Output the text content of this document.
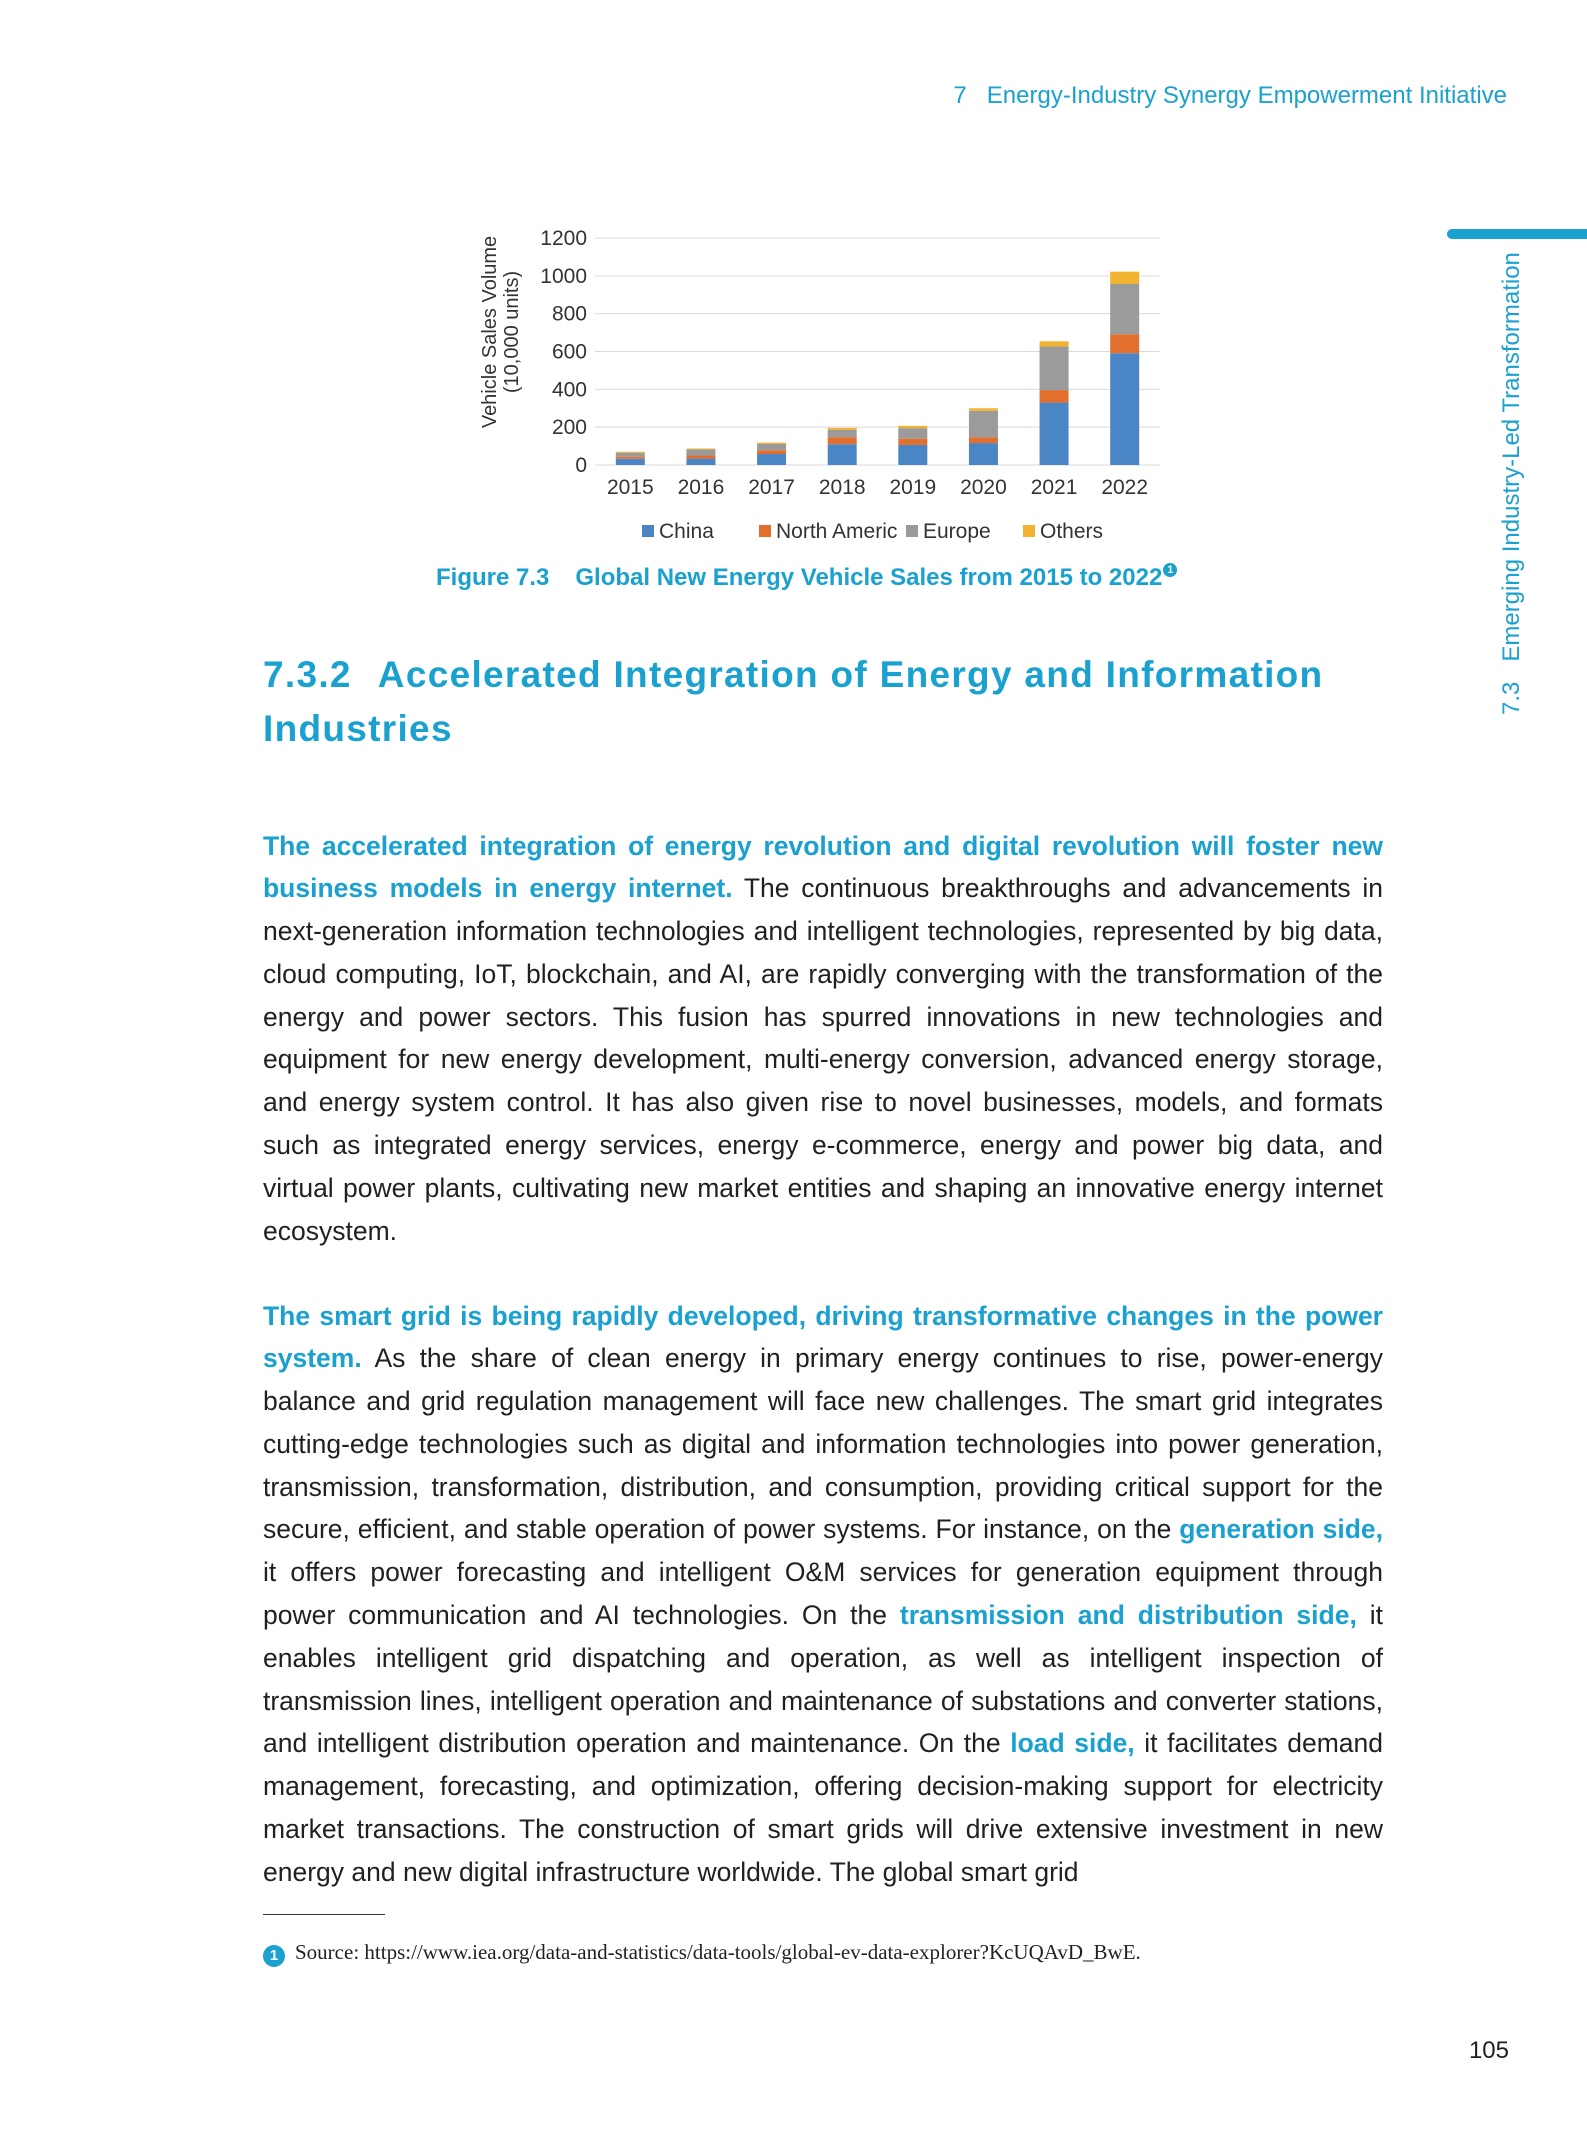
7 Energy-Industry Synergy Empowerment Initiative
7.3   Emerging Industry-Led Transformation
0
200
400
600
800
1000
1200
2015 2016 2017 2018 2019 2020 2021 2022
Vehicle Sales Volume (10,000 units)
China	North Americ Europe Others
Figure 7.3 Global New Energy Vehicle Sales from 2015 to 2022 $^1$
7.3.2 Accelerated Integration of Energy and Information Industries

The accelerated integration of energy revolution and digital revolution will foster new business models in energy internet. The continuous breakthroughs and advancements in next-generation information technologies and intelligent technologies, represented by big data, cloud computing, IoT, blockchain, and AI, are rapidly converging with the transformation of the energy and power sectors. This fusion has spurred innovations in new technologies and equipment for new energy development, multi-energy conversion, advanced energy storage, and energy system control. It has also given rise to novel businesses, models, and formats such as integrated energy services, energy e-commerce, energy and power big data, and virtual power plants, cultivating new market entities and shaping an innovative energy internet ecosystem.

The smart grid is being rapidly developed, driving transformative changes in the power system. As the share of clean energy in primary energy continues to rise, power-energy balance and grid regulation management will face new challenges. The smart grid integrates cutting-edge technologies such as digital and information technologies into power generation, transmission, transformation, distribution, and consumption, providing critical support for the secure, efficient, and stable operation of power systems. For instance, on the generation side, it offers power forecasting and intelligent O&M services for generation equipment through power communication and AI technologies. On the transmission and distribution side, it enables intelligent grid dispatching and operation, as well as intelligent inspection of transmission lines, intelligent operation and maintenance of substations and converter stations, and intelligent distribution operation and maintenance. On the load side, it facilitates demand management, forecasting, and optimization, offering decision-making support for electricity market transactions. The construction of smart grids will drive extensive investment in new energy and new digital infrastructure worldwide. The global smart grid

1 Source: https://www.iea.org/data-and-statistics/data-tools/global-ev-data-explorer?KcUQAvD_BwE.
105
